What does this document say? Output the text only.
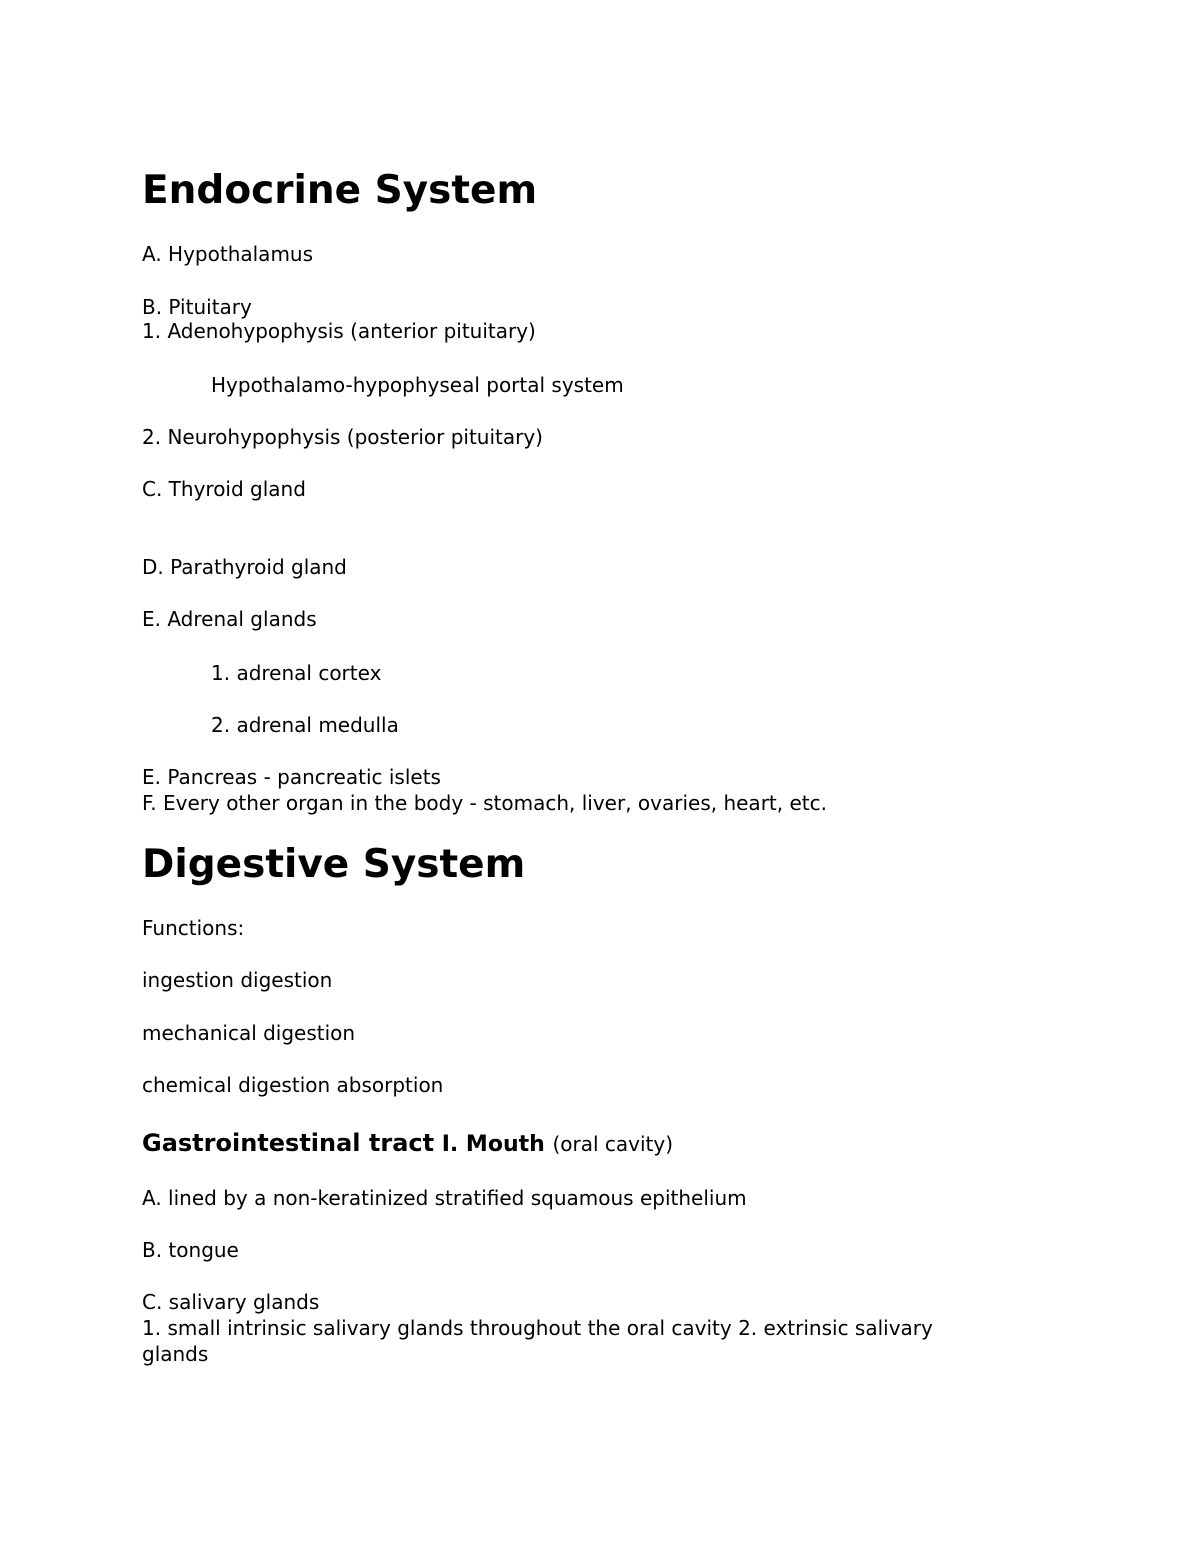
Endocrine System
A. Hypothalamus
B. Pituitary
1. Adenohypophysis (anterior pituitary)
Hypothalamo-hypophyseal portal system
2. Neurohypophysis (posterior pituitary)
C. Thyroid gland
D. Parathyroid gland
E. Adrenal glands
1. adrenal cortex
2. adrenal medulla
E. Pancreas - pancreatic islets
F. Every other organ in the body - stomach, liver, ovaries, heart, etc.
Digestive System
Functions:
ingestion digestion
mechanical digestion
chemical digestion absorption
Gastrointestinal tract I. Mouth (oral cavity)
A. lined by a non-keratinized stratified squamous epithelium
B. tongue
C. salivary glands
1. small intrinsic salivary glands throughout the oral cavity 2. extrinsic salivary
glands
